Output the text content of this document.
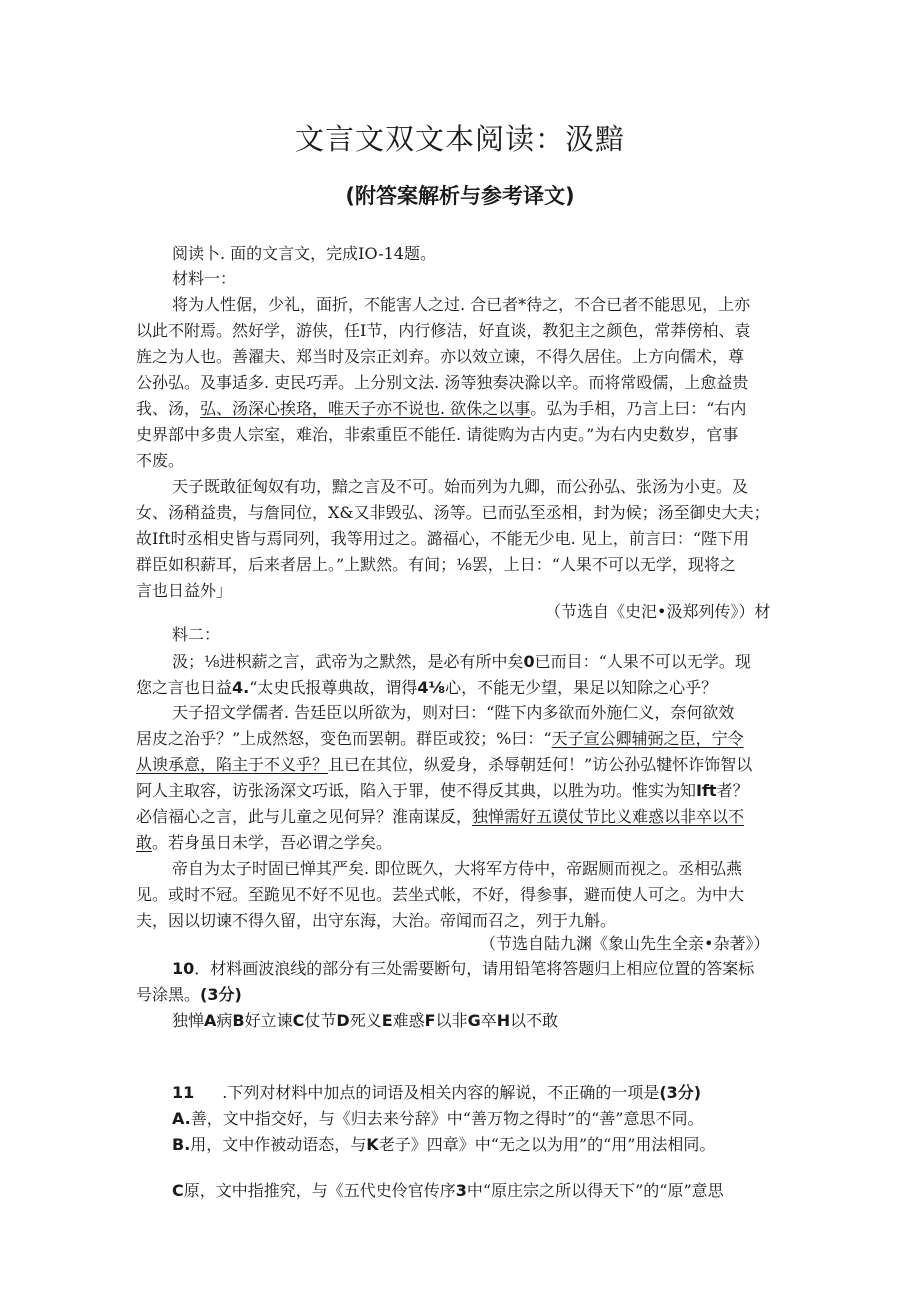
文言文双文本阅读：汲黯
(附答案解析与参考译文)
阅读卜. 面的文言文，完成IO-14题。
材料一：
将为人性倨，少礼，面折，不能害人之过. 合已者*待之，不合已者不能思见，上亦
以此不附焉。然好学，游侠，任I节，内行修洁，好直谈，教犯主之颜色，常莽傍柏、袁
旌之为人也。善濯夫、郑当时及宗正刘弃。亦以效立谏，不得久居住。上方向儒术，尊
公孙弘。及事适多. 吏民巧弄。上分别文法. 汤等独奏决滁以辛。而将常殴儒，上愈益贵
我、汤，弘、汤深心挨珞，唯天子亦不说也. 欲侏之以事。弘为手相，乃言上曰：“右内
史界部中多贵人宗室，难治，非索重臣不能任. 请徙购为古内吏。”为右内史数岁，官事
不废。
天子既敢征匈奴有功，黯之言及不可。始而列为九卿，而公孙弘、张汤为小吏。及
女、汤稍益贵，与詹同位，X&又非毁弘、汤等。已而弘至丞相，封为候；汤至御史大夫；
故Ift时丞相史皆与焉同列，我等用过之。潞福心，不能无少电. 见上，前言曰：“陛下用
群臣如积薪耳，后来者居上。”上默然。有间；⅛罢，上日：“人果不可以无学，现将之
言也日益外」
（节选自《史汜•汲郑列传》）材
料二：
汲；⅛进枳薪之言，武帝为之默然，是必有所中矣0已而目：“人果不可以无学。现
您之言也日益4.“太史氏报尊典故，谓得4⅛心，不能无少望，果足以知除之心乎？
天子招文学儒者. 告廷臣以所欲为，则对曰：“陛下内多欲而外施仁义，奈何欲效
居皮之治乎？”上成然怒，变色而罢朝。群臣或狡；%曰：“天子宣公卿辅弼之臣，宁令
从谀承意，陷主于不义乎？且已在其位，纵爱身，杀辱朝廷何！”访公孙弘犍怀诈饰智以
阿人主取容，访张汤深文巧诋，陷入于罪，使不得反其典，以胜为功。惟实为知Ift者？
必信福心之言，此与儿童之见何异？淮南谋反，独惮需好五谟仗节比义难惑以非卒以不
敢。若身虽日未学，吾必谓之学矣。
帝自为太子时固已惮其严矣. 即位既久，大将军方侍中，帝踞厕而视之。丞相弘燕
见。或时不冠。至跪见不好不见也。芸坐式帐，不好，得参事，避而使人可之。为中大
夫，因以切谏不得久留，出守东海，大治。帝闻而召之，列于九斛。
（节选自陆九渊《象山先生全亲•杂著》）
10．材料画波浪线的部分有三处需要断句，请用铅笔将答题归上相应位置的答案标
号涂黑。(3分)
独惮A病B好立谏C仗节D死义E难惑F以非G卒H以不敢
11 .下列对材料中加点的词语及相关内容的解说，不正确的一项是(3分)
A.善，文中指交好，与《归去来兮辞》中“善万物之得时”的“善”意思不同。
B.用，文中作被动语态，与K老子》四章》中“无之以为用”的“用”用法相同。
C原，文中指推究，与《五代史伶官传序3中“原庄宗之所以得天下”的“原”意思
